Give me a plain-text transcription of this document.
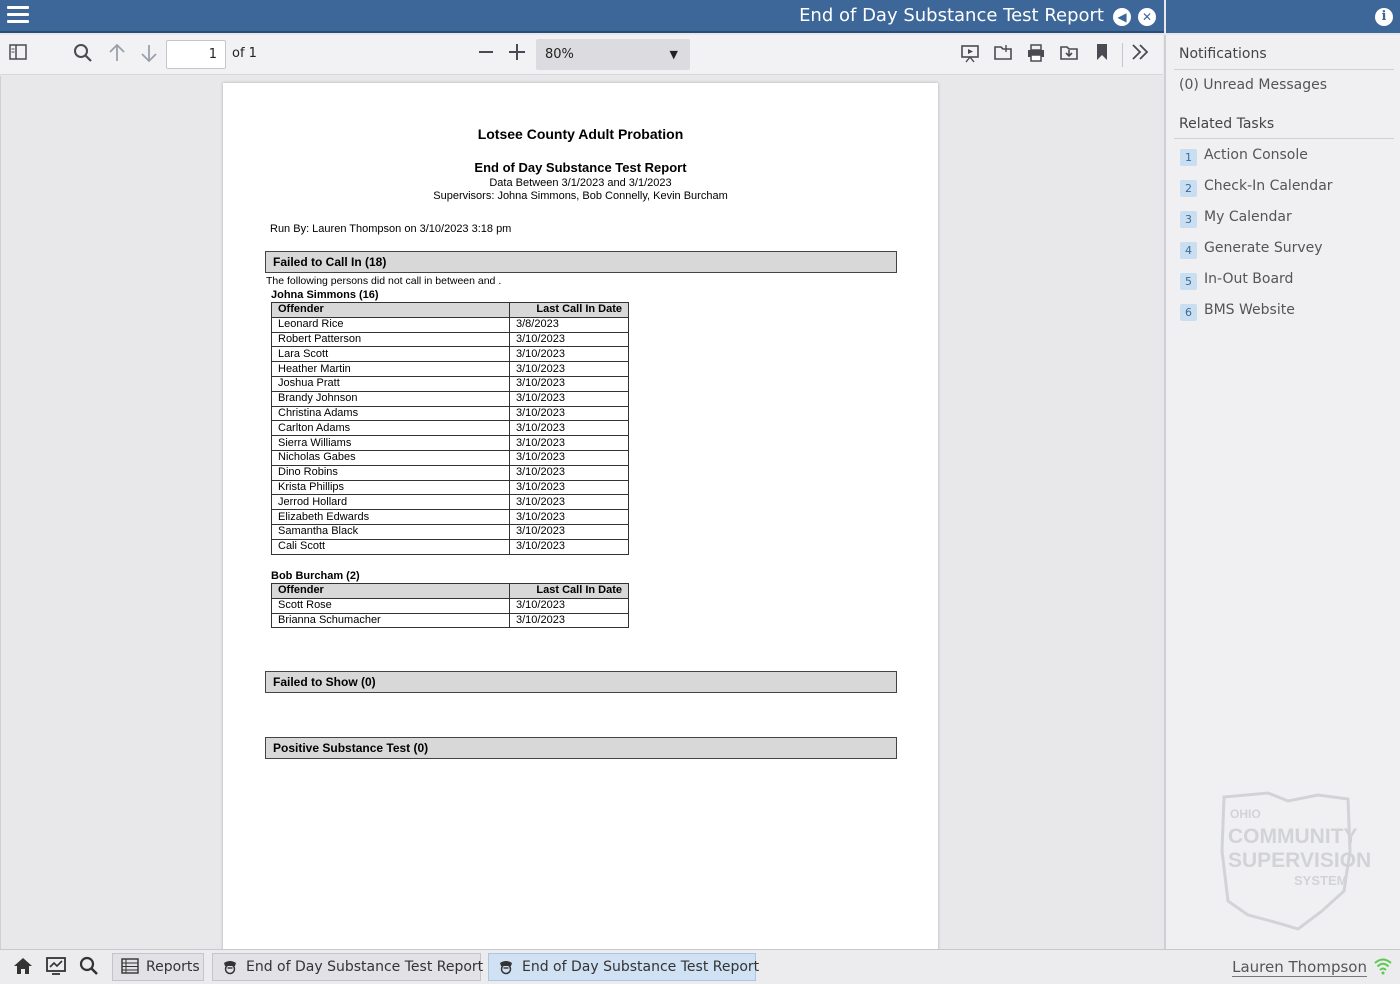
End of Day Substance Test Report	◀	✕	i
1	of 1	80%	▼
Lotsee County Adult Probation
End of Day Substance Test Report
Data Between 3/1/2023 and 3/1/2023
Supervisors: Johna Simmons, Bob Connelly, Kevin Burcham
Run By: Lauren Thompson on 3/10/2023 3:18 pm
Failed to Call In (18)
The following persons did not call in between and .
Johna Simmons (16)
Offender	Last Call In Date
Leonard Rice	3/8/2023
Robert Patterson	3/10/2023
Lara Scott	3/10/2023
Heather Martin	3/10/2023
Joshua Pratt	3/10/2023
Brandy Johnson	3/10/2023
Christina Adams	3/10/2023
Carlton Adams	3/10/2023
Sierra Williams	3/10/2023
Nicholas Gabes	3/10/2023
Dino Robins	3/10/2023
Krista Phillips	3/10/2023
Jerrod Hollard	3/10/2023
Elizabeth Edwards	3/10/2023
Samantha Black	3/10/2023
Cali Scott	3/10/2023
Bob Burcham (2)
Offender	Last Call In Date
Scott Rose	3/10/2023
Brianna Schumacher	3/10/2023
Failed to Show (0)
Positive Substance Test (0)
Notifications
(0) Unread Messages
Related Tasks
1 Action Console
2 Check-In Calendar
3 My Calendar
4 Generate Survey
5 In-Out Board
6 BMS Website
OHIO
COMMUNITY
SUPERVISION
SYSTEM
Reports	End of Day Substance Test Report	End of Day Substance Test Report	Lauren Thompson
